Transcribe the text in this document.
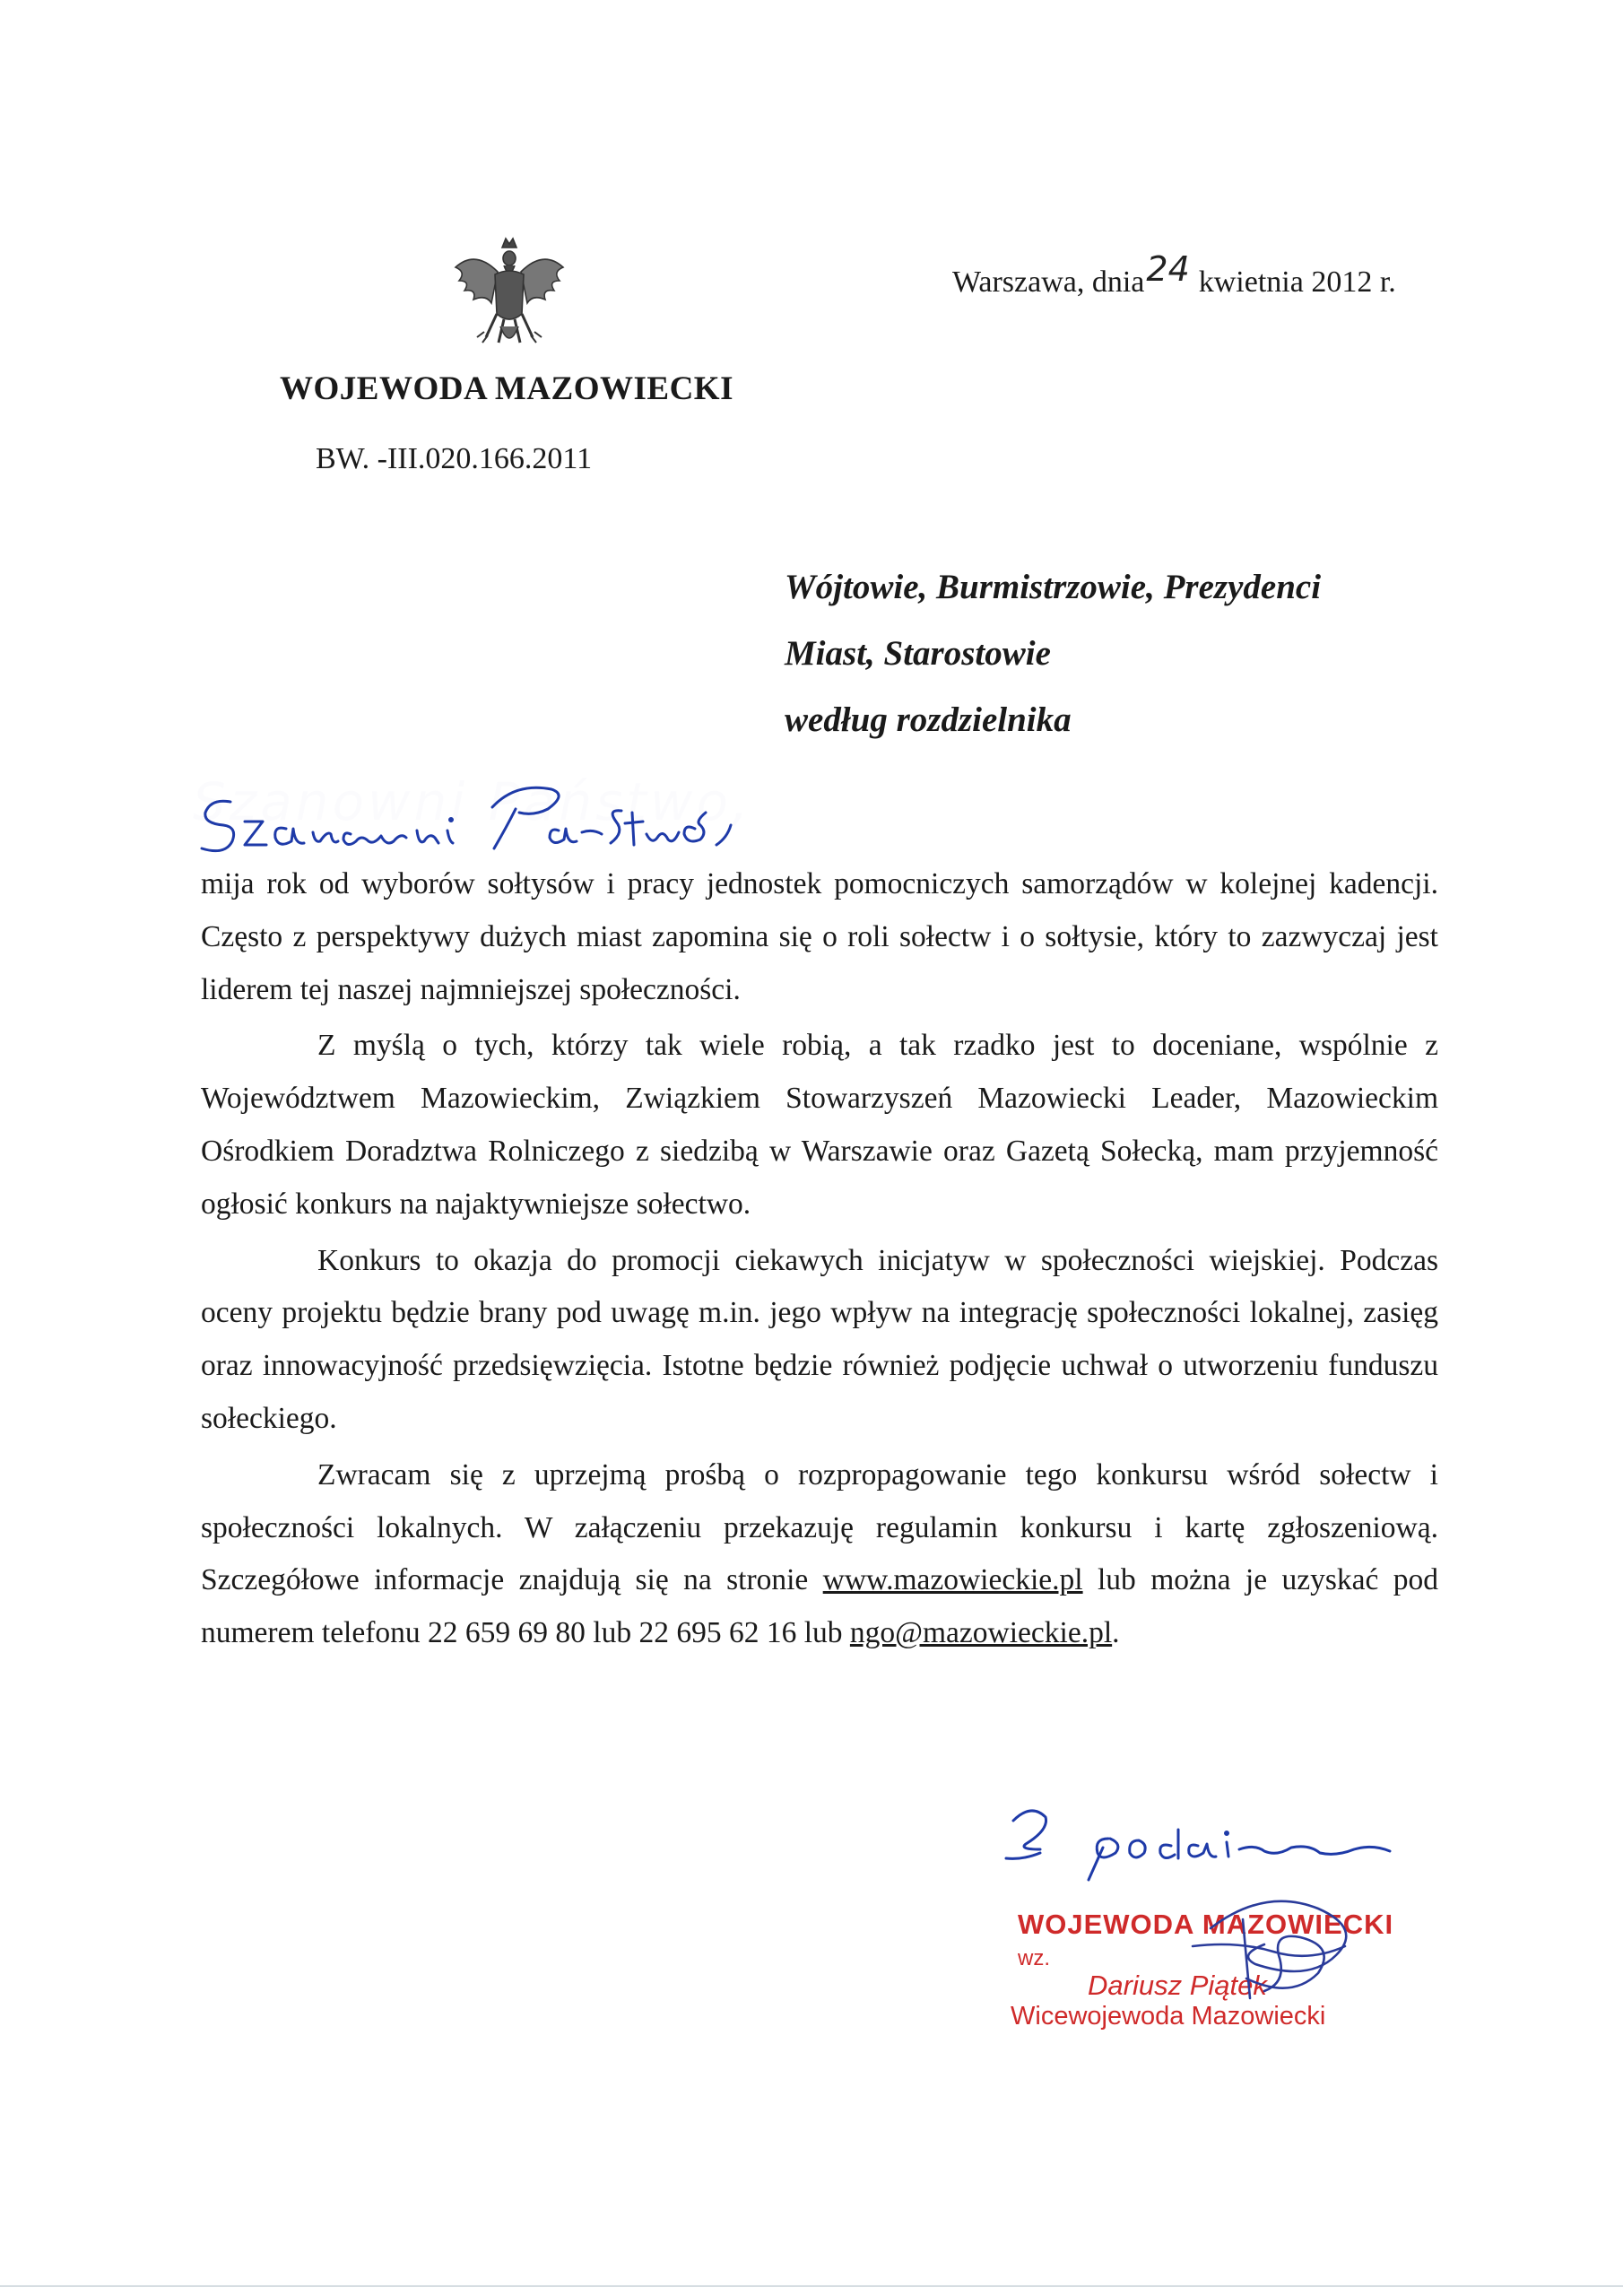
Warszawa, dnia24 kwietnia 2012 r.
WOJEWODA MAZOWIECKI
BW. -III.020.166.2011
Wójtowie, Burmistrzowie, Prezydenci
Miast, Starostowie
według rozdzielnika

mija rok od wyborów sołtysów i pracy jednostek pomocniczych samorządów w kolejnej kadencji. Często z perspektywy dużych miast zapomina się o roli sołectw i o sołtysie, który to zazwyczaj jest liderem tej naszej najmniejszej społeczności.

Z myślą o tych, którzy tak wiele robią, a tak rzadko jest to doceniane, wspólnie z Województwem Mazowieckim, Związkiem Stowarzyszeń Mazowiecki Leader, Mazowieckim Ośrodkiem Doradztwa Rolniczego z siedzibą w Warszawie oraz Gazetą Sołecką, mam przyjemność ogłosić konkurs na najaktywniejsze sołectwo.

Konkurs to okazja do promocji ciekawych inicjatyw w społeczności wiejskiej. Podczas oceny projektu będzie brany pod uwagę m.in. jego wpływ na integrację społeczności lokalnej, zasięg oraz innowacyjność przedsięwzięcia. Istotne będzie również podjęcie uchwał o utworzeniu funduszu sołeckiego.

Zwracam się z uprzejmą prośbą o rozpropagowanie tego konkursu wśród sołectw i społeczności lokalnych. W załączeniu przekazuję regulamin konkursu i kartę zgłoszeniową. Szczegółowe informacje znajdują się na stronie www.mazowieckie.pl lub można je uzyskać pod numerem telefonu 22 659 69 80 lub 22 695 62 16 lub ngo@mazowieckie.pl.

WOJEWODA MAZOWIECKI
wz.
Dariusz Piątek
Wicewojewoda Mazowiecki
